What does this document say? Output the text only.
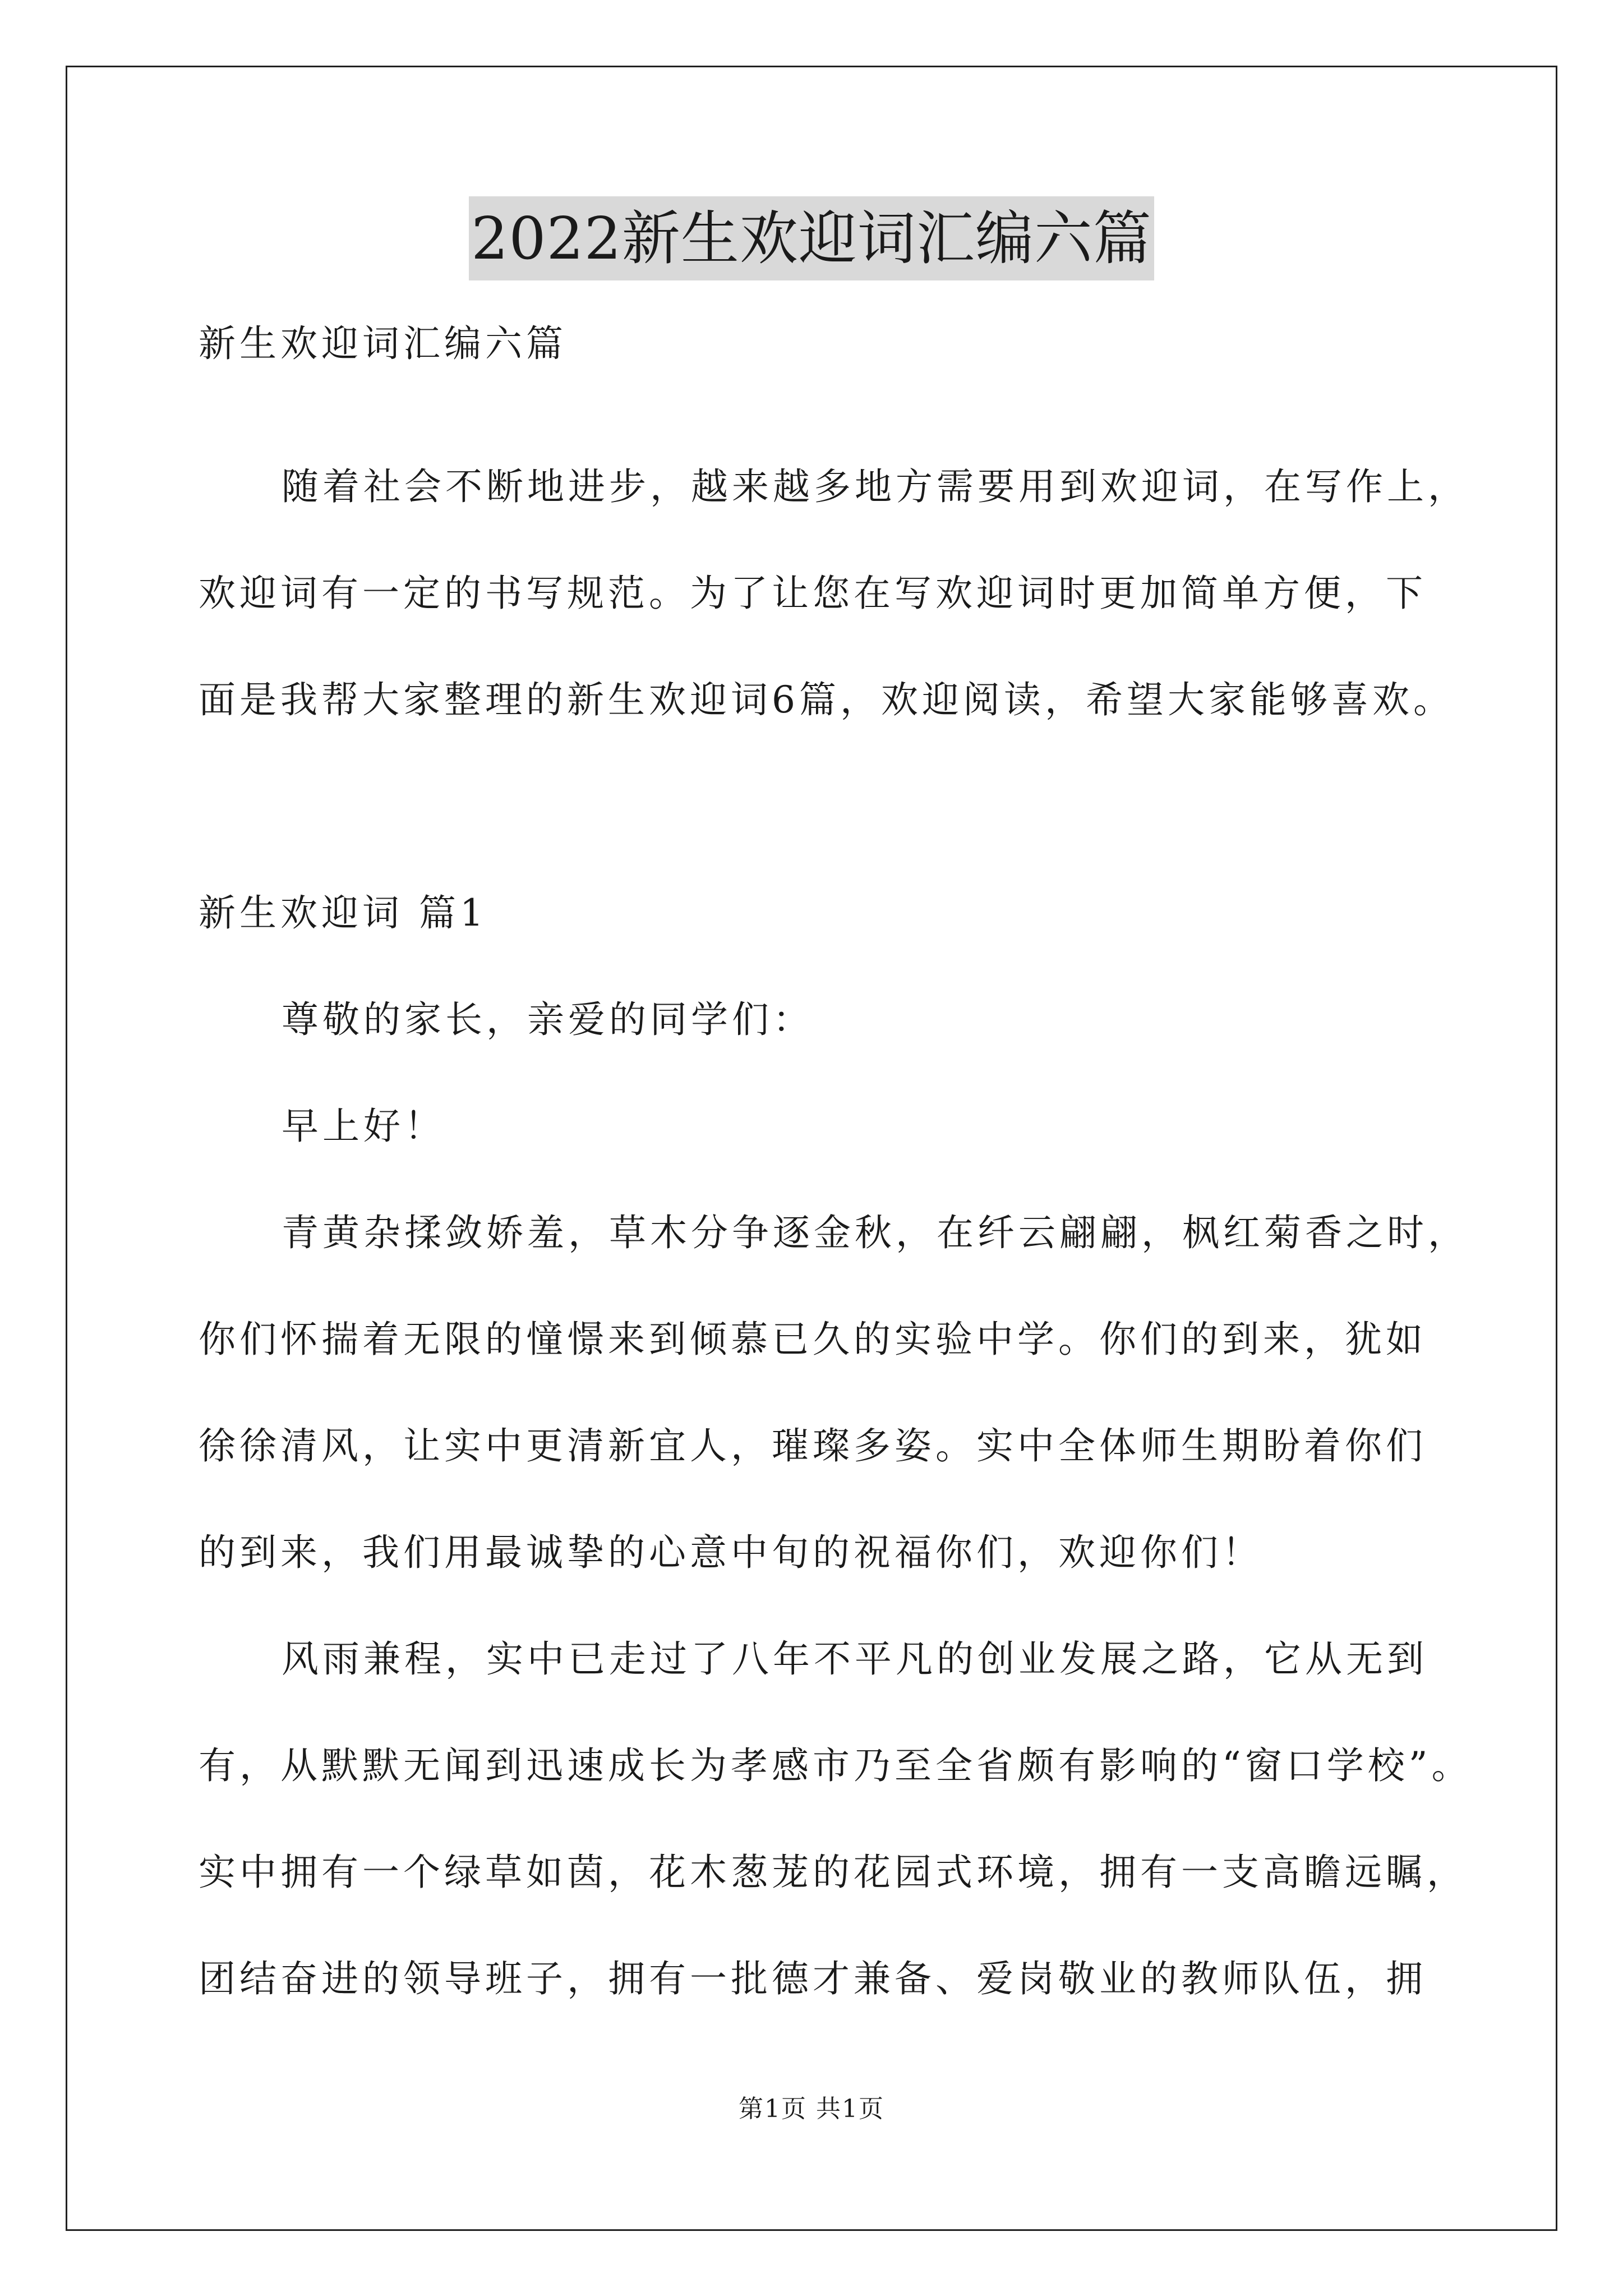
2022新生欢迎词汇编六篇
新生欢迎词汇编六篇
随着社会不断地进步，越来越多地方需要用到欢迎词，在写作上，
欢迎词有一定的书写规范。为了让您在写欢迎词时更加简单方便，下
面是我帮大家整理的新生欢迎词6篇，欢迎阅读，希望大家能够喜欢。
新生欢迎词 篇1
尊敬的家长，亲爱的同学们：
早上好！
青黄杂揉敛娇羞，草木分争逐金秋，在纤云翩翩，枫红菊香之时，
你们怀揣着无限的憧憬来到倾慕已久的实验中学。你们的到来，犹如
徐徐清风，让实中更清新宜人，璀璨多姿。实中全体师生期盼着你们
的到来，我们用最诚挚的心意中旬的祝福你们，欢迎你们！
风雨兼程，实中已走过了八年不平凡的创业发展之路，它从无到
有，从默默无闻到迅速成长为孝感市乃至全省颇有影响的“窗口学校”。
实中拥有一个绿草如茵，花木葱茏的花园式环境，拥有一支高瞻远瞩，
团结奋进的领导班子，拥有一批德才兼备、爱岗敬业的教师队伍，拥
第1页 共1页
